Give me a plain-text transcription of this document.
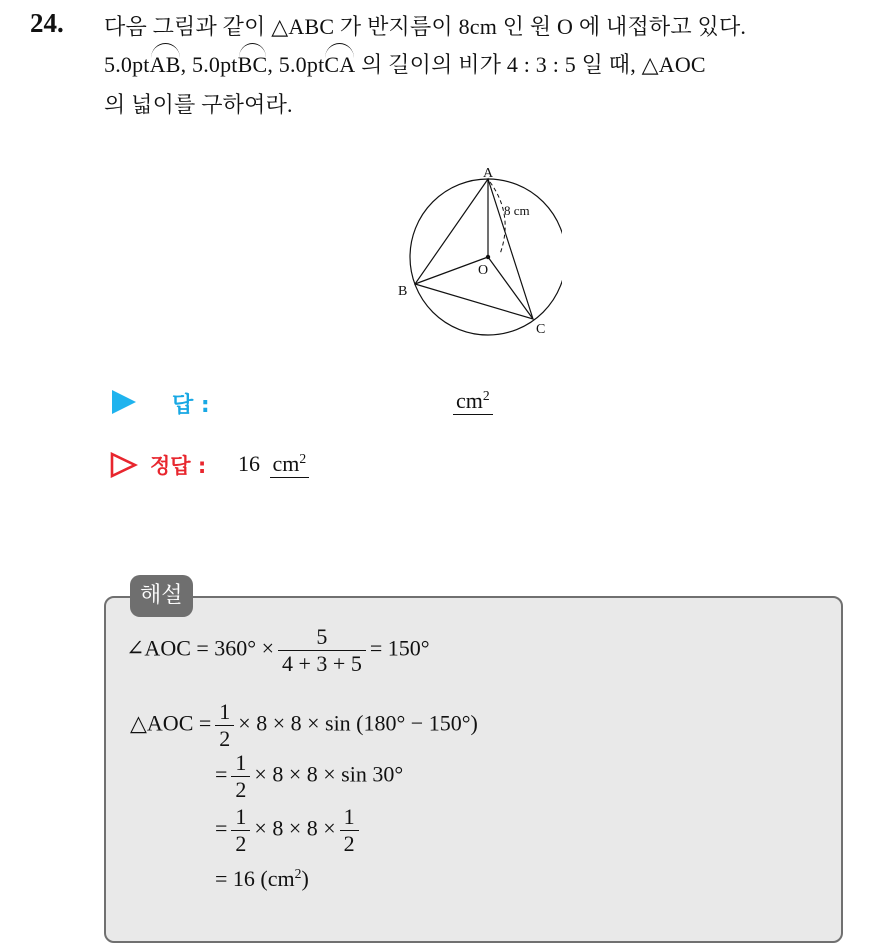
24. 다음 그림과 같이 △ABC 가 반지름이 8cm 인 원 O 에 내접하고 있다.
5.0ptAB, 5.0ptBC, 5.0ptCA 의 길이의 비가 4 : 3 : 5 일 때, △AOC
의 넓이를 구하여라.
A
B
C
O
8 cm
답 :	$cm^2$
정답 : 16 $cm^2$
∠AOC = $360^\circ \times \frac{5}{4 + 3 + 5} = 150^\circ$
△AOC = $\frac{1}{2} \times 8 \times 8 \times \sin (180^\circ - 150^\circ)$
= $\frac{1}{2} \times 8 \times 8 \times \sin 30^\circ$
= $\frac{1}{2} \times 8 \times 8 \times \frac{1}{2}$
= 16 $(cm^2)$
해설
